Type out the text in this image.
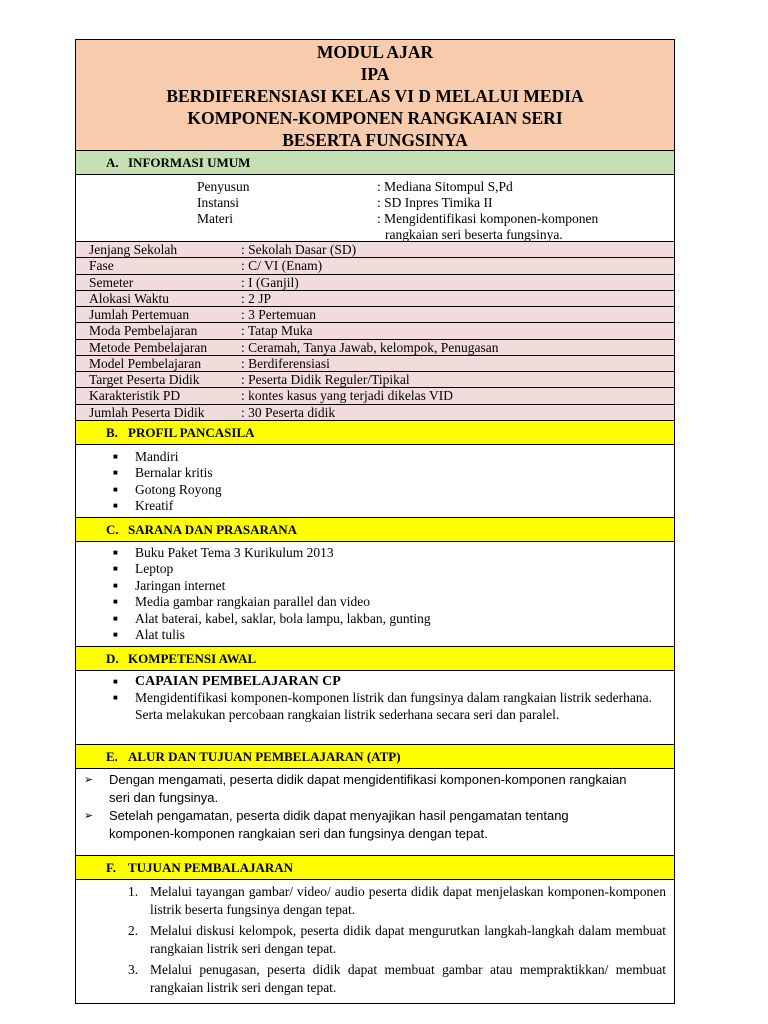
MODUL AJAR
IPA
BERDIFERENSIASI KELAS VI D MELALUI MEDIA
KOMPONEN-KOMPONEN RANGKAIAN SERI
BESERTA FUNGSINYA
A. INFORMASI UMUM
Penyusun	: Mediana Sitompul S,Pd
Instansi	: SD Inpres Timika II
Materi	: Mengidentifikasi komponen-komponen
rangkaian seri beserta fungsinya.
Jenjang Sekolah	: Sekolah Dasar (SD)
Fase	: C/ VI (Enam)
Semeter	: I (Ganjil)
Alokasi Waktu	: 2 JP
Jumlah Pertemuan	: 3 Pertemuan
Moda Pembelajaran	: Tatap Muka
Metode Pembelajaran	: Ceramah, Tanya Jawab, kelompok, Penugasan
Model Pembelajaran	: Berdiferensiasi
Target Peserta Didik	: Peserta Didik Reguler/Tipikal
Karakteristik PD	: kontes kasus yang terjadi dikelas VID
Jumlah Peserta Didik	: 30 Peserta didik
B. PROFIL PANCASILA
■	Mandiri
■	Bernalar kritis
■	Gotong Royong
■	Kreatif
C. SARANA DAN PRASARANA
■	Buku Paket Tema 3 Kurikulum 2013
■	Leptop
■	Jaringan internet
■	Media gambar rangkaian parallel dan video
■	Alat baterai, kabel, saklar, bola lampu, lakban, gunting
■	Alat tulis
D. KOMPETENSI AWAL
■	CAPAIAN PEMBELAJARAN CP
■	Mengidentifikasi komponen-komponen listrik dan fungsinya dalam rangkaian listrik sederhana. Serta melakukan percobaan rangkaian listrik sederhana secara seri dan paralel.
E. ALUR DAN TUJUAN PEMBELAJARAN (ATP)
➢	Dengan mengamati, peserta didik dapat mengidentifikasi komponen-komponen rangkaian seri dan fungsinya.
➢	Setelah pengamatan, peserta didik dapat menyajikan hasil pengamatan tentang komponen-komponen rangkaian seri dan fungsinya dengan tepat.
F. TUJUAN PEMBALAJARAN
1. Melalui tayangan gambar/ video/ audio peserta didik dapat menjelaskan komponen-komponen listrik beserta fungsinya dengan tepat.
2. Melalui diskusi kelompok, peserta didik dapat mengurutkan langkah-langkah dalam membuat rangkaian listrik seri dengan tepat.
3. Melalui penugasan, peserta didik dapat membuat gambar atau mempraktikkan/ membuat rangkaian listrik seri dengan tepat.
